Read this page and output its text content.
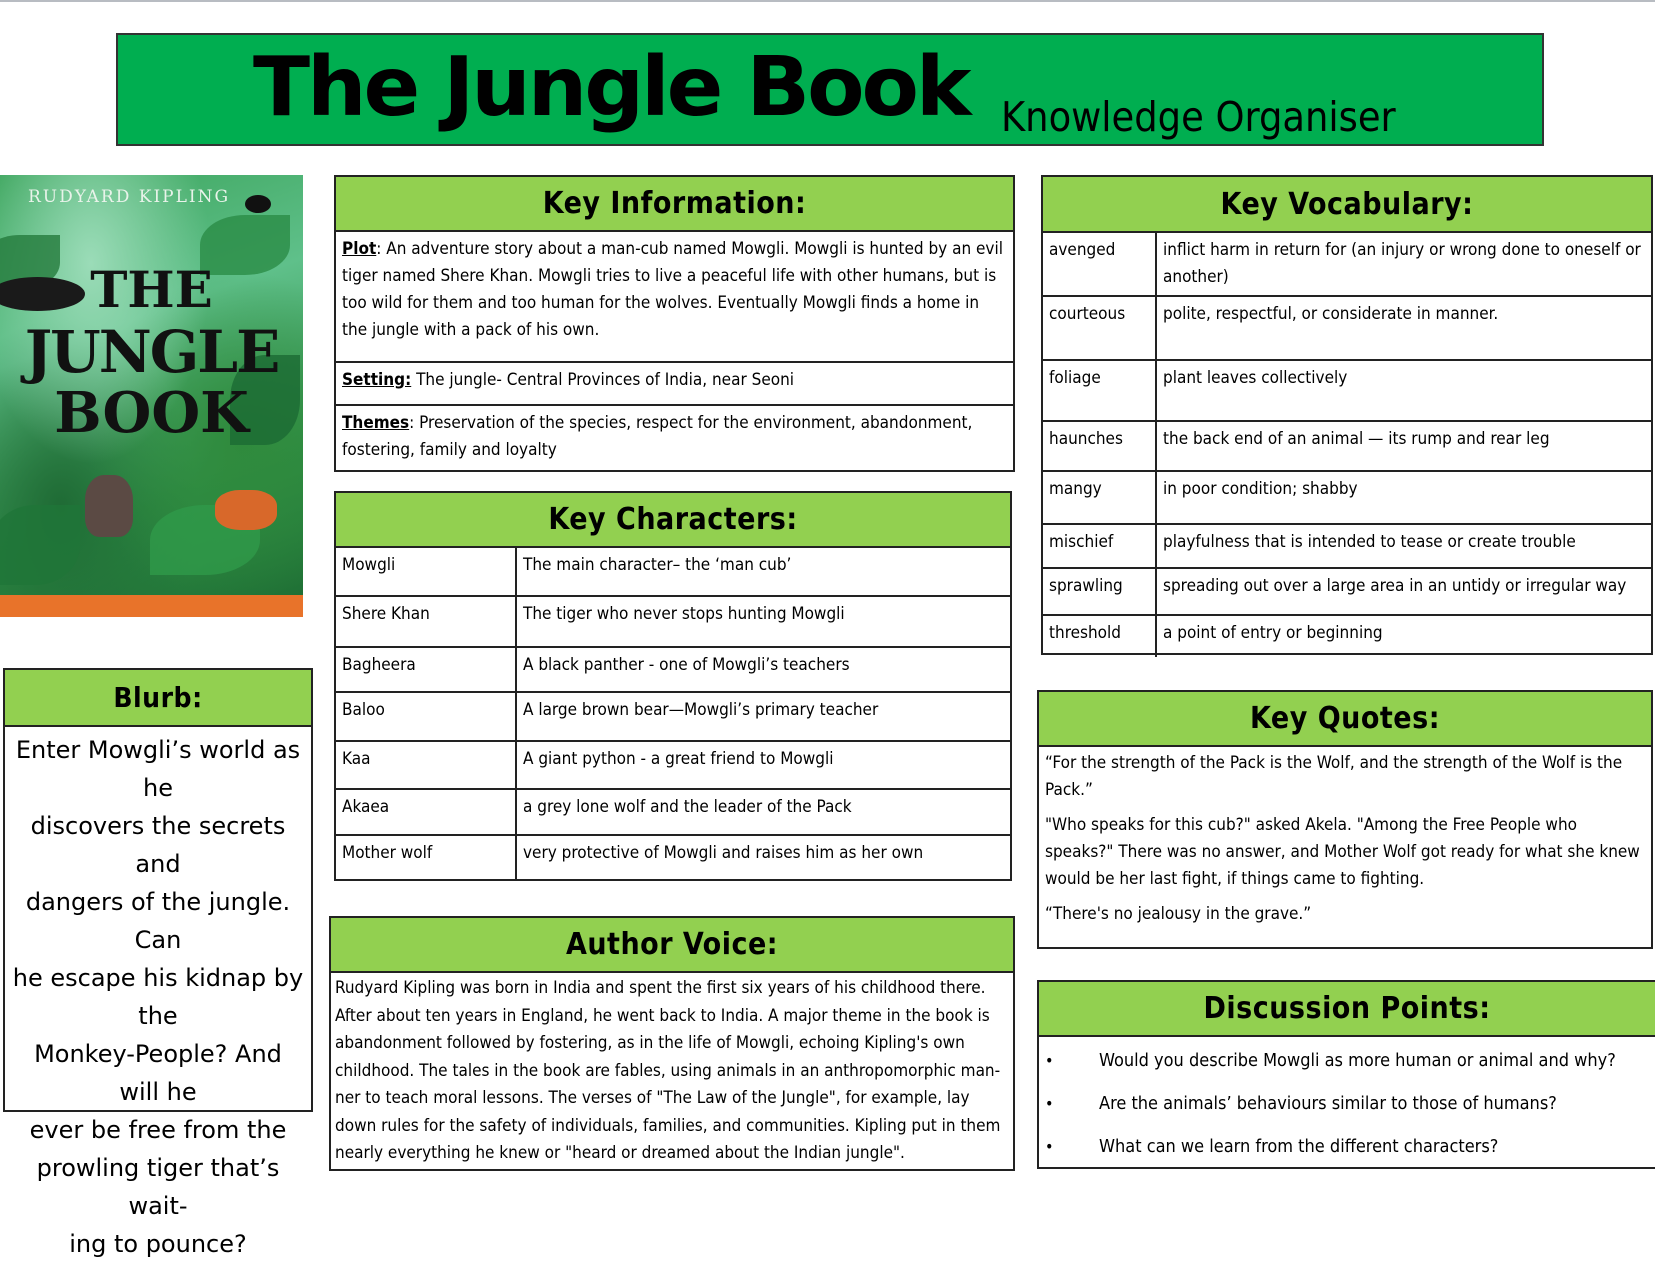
The Jungle Book Knowledge Organiser
RUDYARD KIPLING
THE
JUNGLE
BOOK
Blurb:
Enter Mowgli’s world as he
discovers the secrets and
dangers of the jungle. Can
he escape his kidnap by the
Monkey-People? And will he
ever be free from the
prowling tiger that’s wait-
ing to pounce?
Key Information:
Plot: An adventure story about a man-cub named Mowgli. Mowgli is hunted by an evil tiger named Shere Khan. Mowgli tries to live a peaceful life with other humans, but is too wild for them and too human for the wolves. Eventually Mowgli finds a home in the jungle with a pack of his own.
Setting: The jungle- Central Provinces of India, near Seoni
Themes: Preservation of the species, respect for the environment, abandonment, fostering, family and loyalty
Key Characters:
Mowgli	The main character– the ‘man cub’
Shere Khan	The tiger who never stops hunting Mowgli
Bagheera	A black panther - one of Mowgli’s teachers
Baloo	A large brown bear—Mowgli’s primary teacher
Kaa	A giant python - a great friend to Mowgli
Akaea	a grey lone wolf and the leader of the Pack
Mother wolf	very protective of Mowgli and raises him as her own
Author Voice:
Rudyard Kipling was born in India and spent the first six years of his childhood there. After about ten years in England, he went back to India. A major theme in the book is abandonment followed by fostering, as in the life of Mowgli, echoing Kipling's own childhood. The tales in the book are fables, using animals in an anthropomorphic man-ner to teach moral lessons. The verses of "The Law of the Jungle", for example, lay down rules for the safety of individuals, families, and communities. Kipling put in them nearly everything he knew or "heard or dreamed about the Indian jungle".
Key Vocabulary:
avenged	inflict harm in return for (an injury or wrong done to oneself or another)
courteous	polite, respectful, or considerate in manner.
foliage	plant leaves collectively
haunches	the back end of an animal — its rump and rear leg
mangy	in poor condition; shabby
mischief	playfulness that is intended to tease or create trouble
sprawling	spreading out over a large area in an untidy or irregular way
threshold	a point of entry or beginning
Key Quotes:
“For the strength of the Pack is the Wolf, and the strength of the Wolf is the Pack.”
"Who speaks for this cub?" asked Akela. "Among the Free People who speaks?" There was no answer, and Mother Wolf got ready for what she knew would be her last fight, if things came to fighting.
“There's no jealousy in the grave.”
Discussion Points:
•	Would you describe Mowgli as more human or animal and why?
•	Are the animals’ behaviours similar to those of humans?
•	What can we learn from the different characters?
